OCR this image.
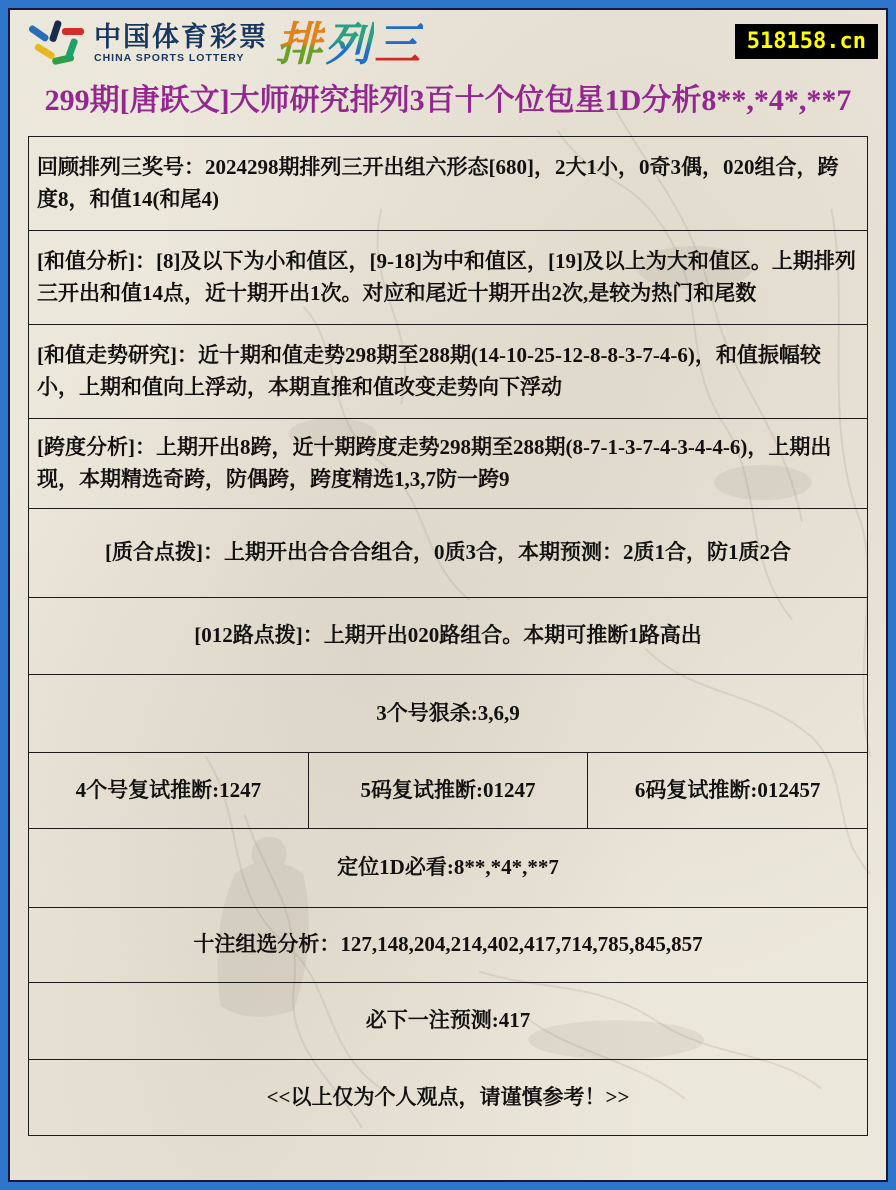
中国体育彩票
CHINA SPORTS LOTTERY 排列三	518158.cn
299期[唐跃文]大师研究排列3百十个位包星1D分析8**,*4*,**7
回顾排列三奖号：2024298期排列三开出组六形态[680]，2大1小，0奇3偶，020组合，跨度8，和值14(和尾4)
[和值分析]：[8]及以下为小和值区，[9-18]为中和值区，[19]及以上为大和值区。上期排列三开出和值14点，近十期开出1次。对应和尾近十期开出2次,是较为热门和尾数
[和值走势研究]：近十期和值走势298期至288期(14-10-25-12-8-8-3-7-4-6)，和值振幅较小，上期和值向上浮动，本期直推和值改变走势向下浮动
[跨度分析]：上期开出8跨，近十期跨度走势298期至288期(8-7-1-3-7-4-3-4-4-6)，上期出现，本期精选奇跨，防偶跨，跨度精选1,3,7防一跨9
[质合点拨]：上期开出合合合组合，0质3合，本期预测：2质1合，防1质2合
[012路点拨]：上期开出020路组合。本期可推断1路高出
3个号狠杀:3,6,9
4个号复试推断:1247	5码复试推断:01247	6码复试推断:012457
定位1D必看:8**,*4*,**7
十注组选分析：127,148,204,214,402,417,714,785,845,857
必下一注预测:417
<<以上仅为个人观点，请谨慎参考！>>
